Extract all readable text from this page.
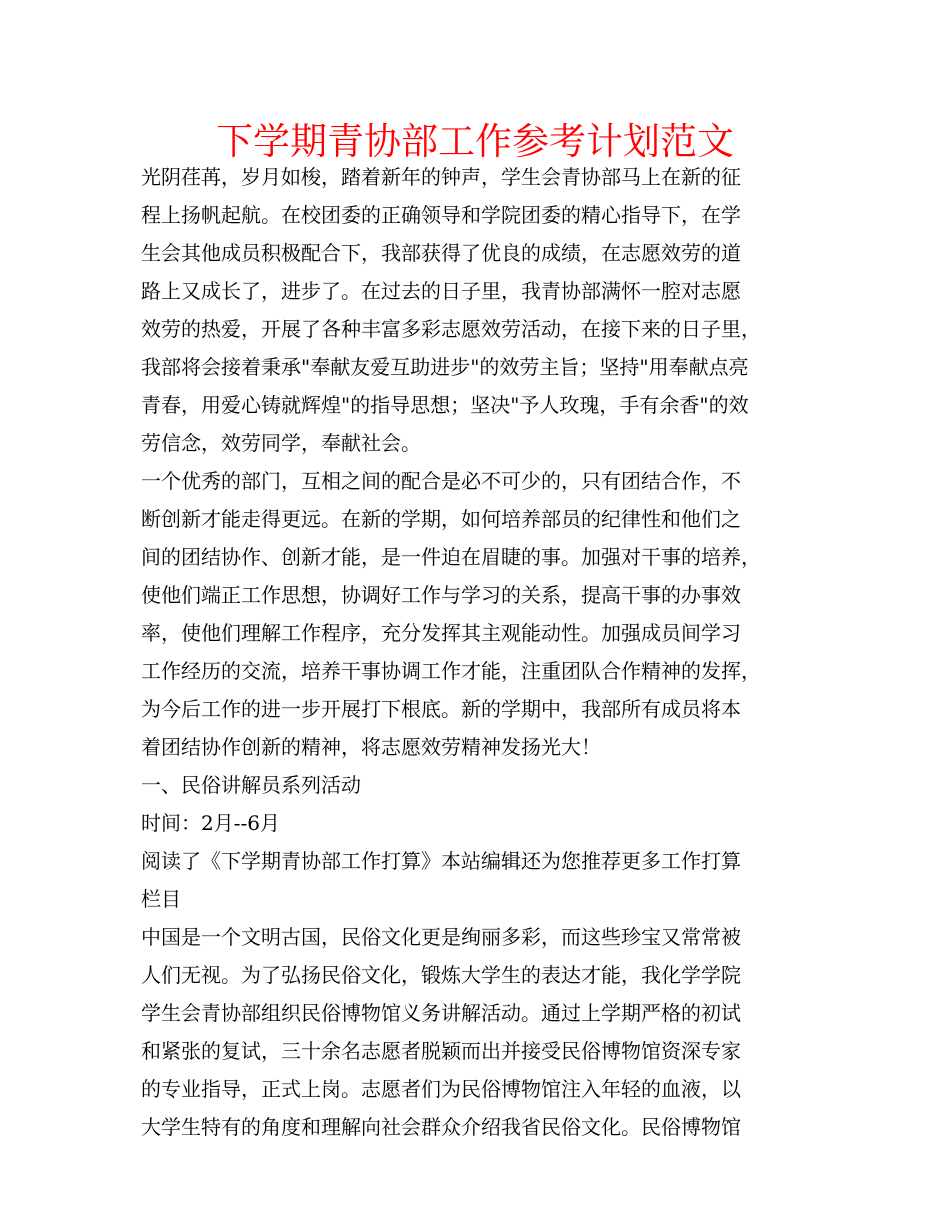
下学期青协部工作参考计划范文
光阴荏苒，岁月如梭，踏着新年的钟声，学生会青协部马上在新的征
程上扬帆起航。在校团委的正确领导和学院团委的精心指导下，在学
生会其他成员积极配合下，我部获得了优良的成绩，在志愿效劳的道
路上又成长了，进步了。在过去的日子里，我青协部满怀一腔对志愿
效劳的热爱，开展了各种丰富多彩志愿效劳活动，在接下来的日子里，
我部将会接着秉承"奉献友爱互助进步"的效劳主旨；坚持"用奉献点亮
青春，用爱心铸就辉煌"的指导思想；坚决"予人玫瑰，手有余香"的效
劳信念，效劳同学，奉献社会。
一个优秀的部门，互相之间的配合是必不可少的，只有团结合作，不
断创新才能走得更远。在新的学期，如何培养部员的纪律性和他们之
间的团结协作、创新才能，是一件迫在眉睫的事。加强对干事的培养，
使他们端正工作思想，协调好工作与学习的关系，提高干事的办事效
率，使他们理解工作程序，充分发挥其主观能动性。加强成员间学习
工作经历的交流，培养干事协调工作才能，注重团队合作精神的发挥，
为今后工作的进一步开展打下根底。新的学期中，我部所有成员将本
着团结协作创新的精神，将志愿效劳精神发扬光大！
一、民俗讲解员系列活动
时间：2月--6月
阅读了《下学期青协部工作打算》本站编辑还为您推荐更多工作打算
栏目
中国是一个文明古国，民俗文化更是绚丽多彩，而这些珍宝又常常被
人们无视。为了弘扬民俗文化，锻炼大学生的表达才能，我化学学院
学生会青协部组织民俗博物馆义务讲解活动。通过上学期严格的初试
和紧张的复试，三十余名志愿者脱颖而出并接受民俗博物馆资深专家
的专业指导，正式上岗。志愿者们为民俗博物馆注入年轻的血液，以
大学生特有的角度和理解向社会群众介绍我省民俗文化。民俗博物馆
